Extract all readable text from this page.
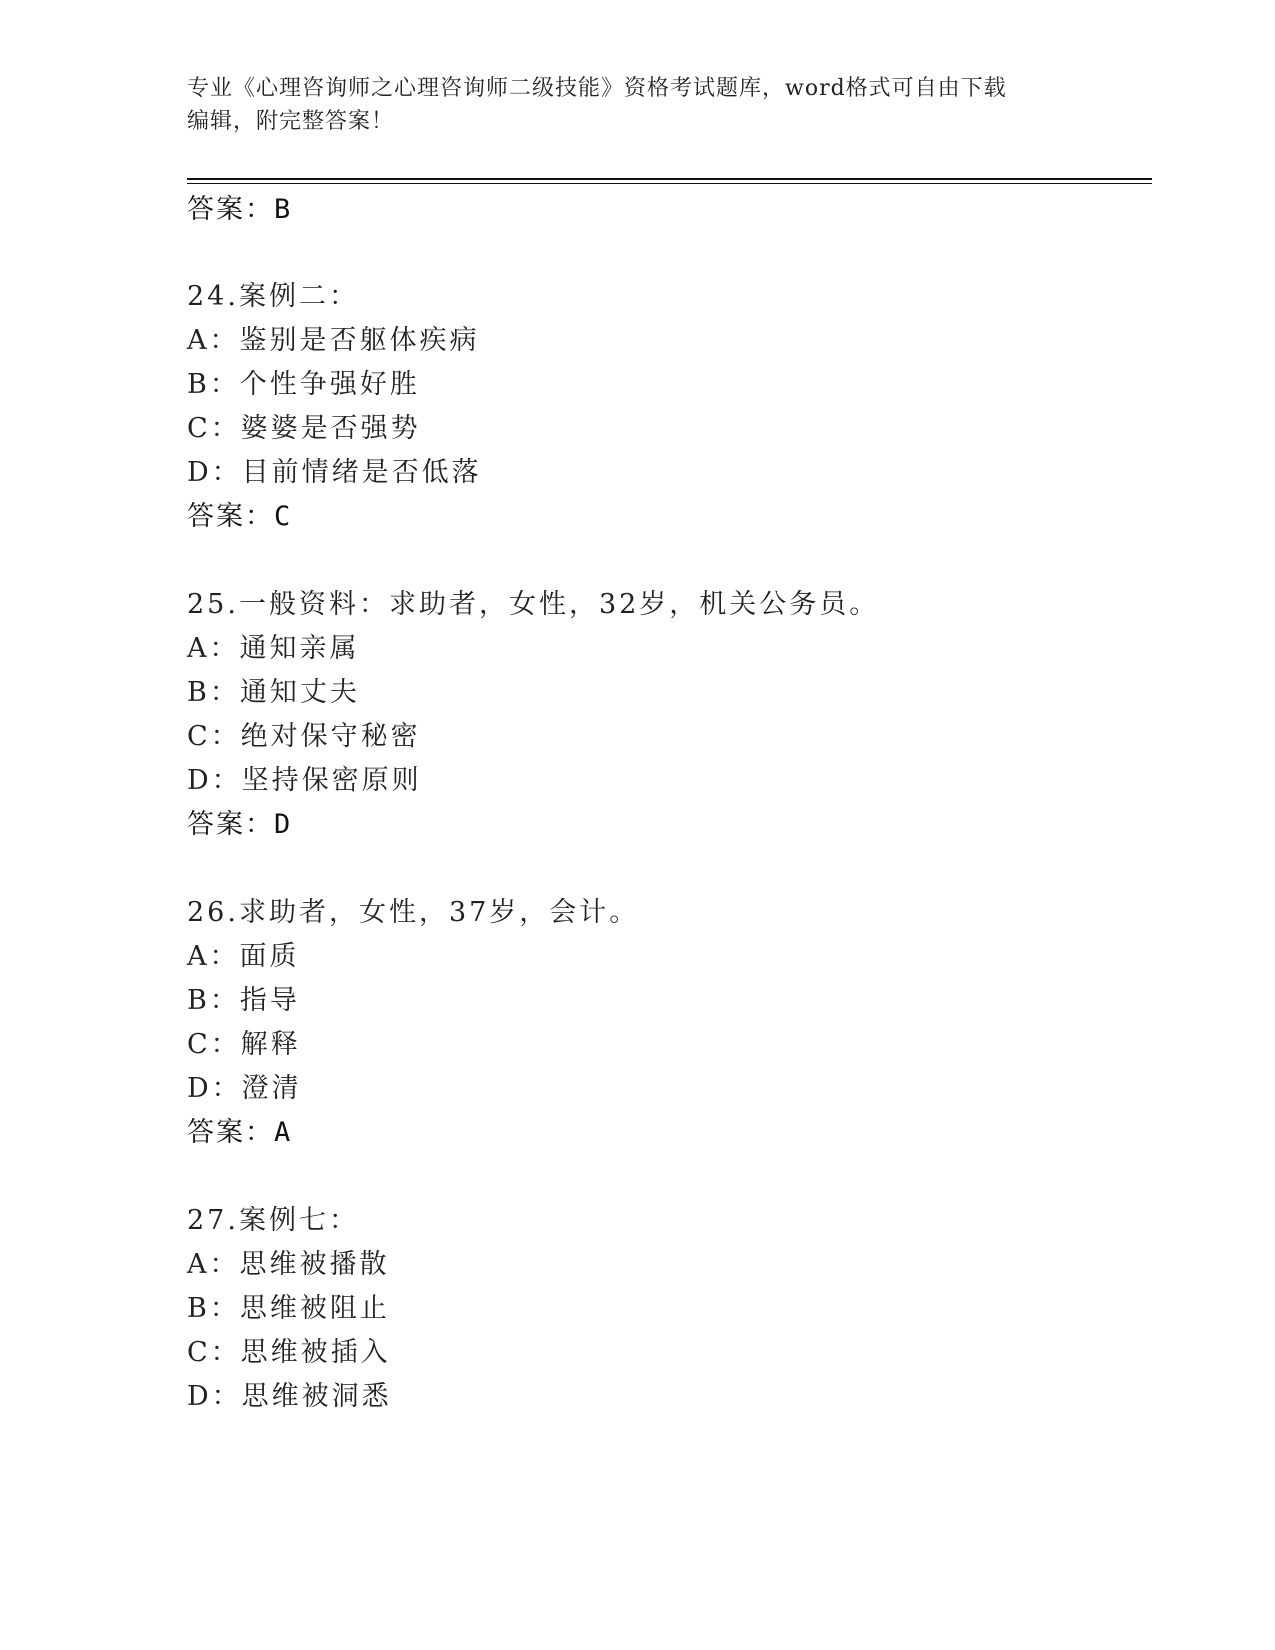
专业《心理咨询师之心理咨询师二级技能》资格考试题库，word格式可自由下载
编辑，附完整答案！
答案：B
24.案例二：
A：鉴别是否躯体疾病
B：个性争强好胜
C：婆婆是否强势
D：目前情绪是否低落
答案：C
25.一般资料：求助者，女性，32岁，机关公务员。
A：通知亲属
B：通知丈夫
C：绝对保守秘密
D：坚持保密原则
答案：D
26.求助者，女性，37岁，会计。
A：面质
B：指导
C：解释
D：澄清
答案：A
27.案例七：
A：思维被播散
B：思维被阻止
C：思维被插入
D：思维被洞悉
